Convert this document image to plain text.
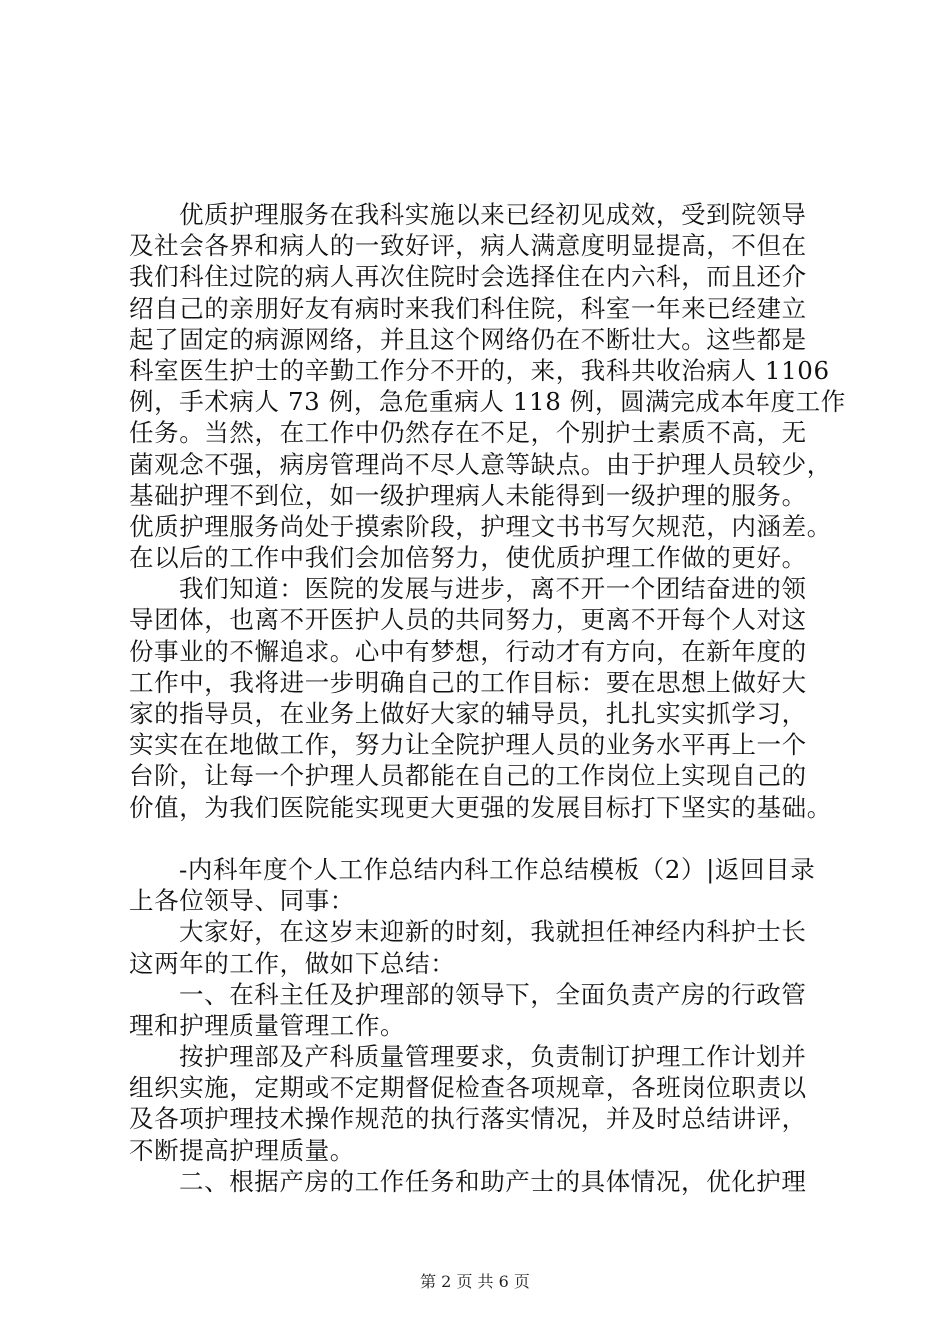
优质护理服务在我科实施以来已经初见成效，受到院领导
及社会各界和病人的一致好评，病人满意度明显提高，不但在
我们科住过院的病人再次住院时会选择住在内六科，而且还介
绍自己的亲朋好友有病时来我们科住院，科室一年来已经建立
起了固定的病源网络，并且这个网络仍在不断壮大。这些都是
科室医生护士的辛勤工作分不开的，来，我科共收治病人 1106
例，手术病人 73 例，急危重病人 118 例，圆满完成本年度工作
任务。当然，在工作中仍然存在不足，个别护士素质不高，无
菌观念不强，病房管理尚不尽人意等缺点。由于护理人员较少，
基础护理不到位，如一级护理病人未能得到一级护理的服务。
优质护理服务尚处于摸索阶段，护理文书书写欠规范，内涵差。
在以后的工作中我们会加倍努力，使优质护理工作做的更好。
我们知道：医院的发展与进步，离不开一个团结奋进的领
导团体，也离不开医护人员的共同努力，更离不开每个人对这
份事业的不懈追求。心中有梦想，行动才有方向，在新年度的
工作中，我将进一步明确自己的工作目标：要在思想上做好大
家的指导员，在业务上做好大家的辅导员，扎扎实实抓学习，
实实在在地做工作，努力让全院护理人员的业务水平再上一个
台阶，让每一个护理人员都能在自己的工作岗位上实现自己的
价值，为我们医院能实现更大更强的发展目标打下坚实的基础。
-内科年度个人工作总结内科工作总结模板（2）|返回目录
上各位领导、同事：
大家好，在这岁末迎新的时刻，我就担任神经内科护士长
这两年的工作，做如下总结：
一、在科主任及护理部的领导下，全面负责产房的行政管
理和护理质量管理工作。
按护理部及产科质量管理要求，负责制订护理工作计划并
组织实施，定期或不定期督促检查各项规章，各班岗位职责以
及各项护理技术操作规范的执行落实情况，并及时总结讲评，
不断提高护理质量。
二、根据产房的工作任务和助产士的具体情况，优化护理
第 2 页 共 6 页
